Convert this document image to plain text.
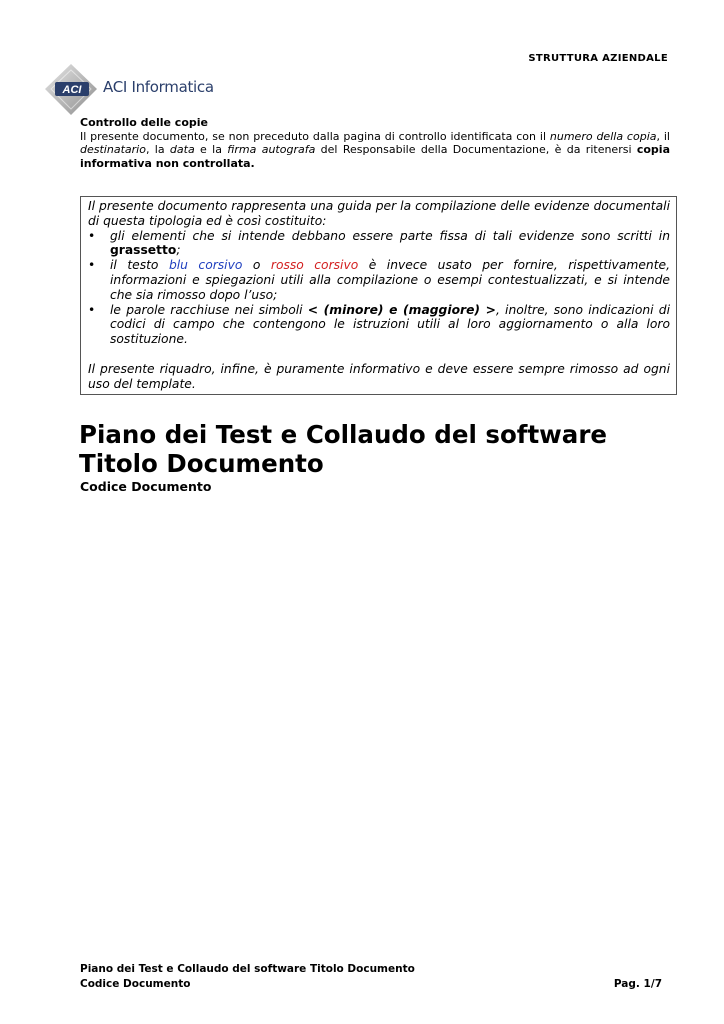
STRUTTURA AZIENDALE
ACI ACI Informatica
Controllo delle copie
Il presente documento, se non preceduto dalla pagina di controllo identificata con il numero della copia, il destinatario, la data e la firma autografa del Responsabile della Documentazione, è da ritenersi copia informativa non controllata.

Il presente documento rappresenta una guida per la compilazione delle evidenze documentali di questa tipologia ed è così costituito:

• gli elementi che si intende debbano essere parte fissa di tali evidenze sono scritti in grassetto;
• il testo blu corsivo o rosso corsivo è invece usato per fornire, rispettivamente, informazioni e spiegazioni utili alla compilazione o esempi contestualizzati, e si intende che sia rimosso dopo l’uso;
• le parole racchiuse nei simboli < (minore) e (maggiore) >, inoltre, sono indicazioni di codici di campo che contengono le istruzioni utili al loro aggiornamento o alla loro sostituzione.

Il presente riquadro, infine, è puramente informativo e deve essere sempre rimosso ad ogni uso del template.

Piano dei Test e Collaudo del software
Titolo Documento
Codice Documento
Piano dei Test e Collaudo del software Titolo Documento
Codice Documento	Pag. 1/7
